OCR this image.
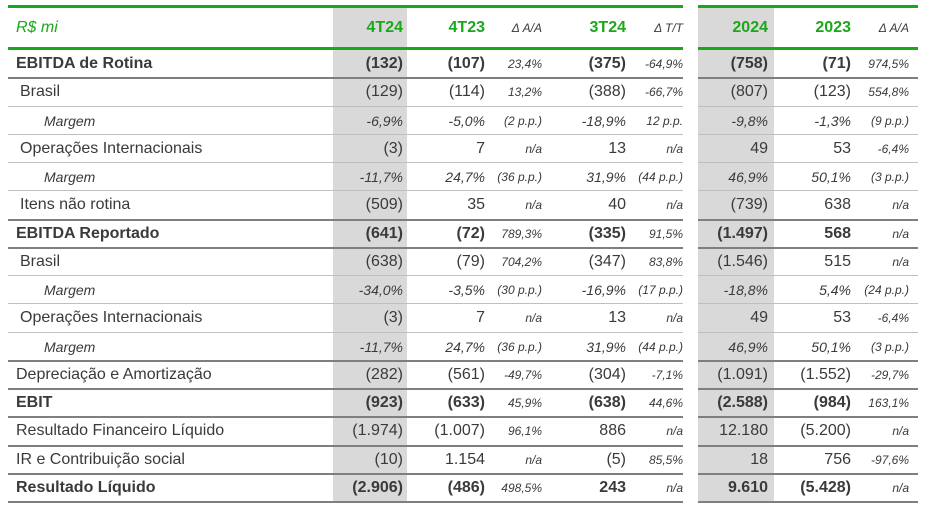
R$ mi	4T24	4T23	Δ A/A	3T24	Δ T/T	2024	2023	Δ A/A
EBITDA de Rotina	(132)	(107)	23,4%	(375)	-64,9%	(758)	(71)	974,5%
Brasil	(129)	(114)	13,2%	(388)	-66,7%	(807)	(123)	554,8%
Margem	-6,9%	-5,0%	(2 p.p.)	-18,9%	12 p.p.	-9,8%	-1,3%	(9 p.p.)
Operações Internacionais	(3)	7	n/a	13	n/a	49	53	-6,4%
Margem	-11,7%	24,7%	(36 p.p.)	31,9%	(44 p.p.)	46,9%	50,1%	(3 p.p.)
Itens não rotina	(509)	35	n/a	40	n/a	(739)	638	n/a
EBITDA Reportado	(641)	(72)	789,3%	(335)	91,5%	(1.497)	568	n/a
Brasil	(638)	(79)	704,2%	(347)	83,8%	(1.546)	515	n/a
Margem	-34,0%	-3,5%	(30 p.p.)	-16,9%	(17 p.p.)	-18,8%	5,4%	(24 p.p.)
Operações Internacionais	(3)	7	n/a	13	n/a	49	53	-6,4%
Margem	-11,7%	24,7%	(36 p.p.)	31,9%	(44 p.p.)	46,9%	50,1%	(3 p.p.)
Depreciação e Amortização	(282)	(561)	-49,7%	(304)	-7,1%	(1.091)	(1.552)	-29,7%
EBIT	(923)	(633)	45,9%	(638)	44,6%	(2.588)	(984)	163,1%
Resultado Financeiro Líquido	(1.974)	(1.007)	96,1%	886	n/a	12.180	(5.200)	n/a
IR e Contribuição social	(10)	1.154	n/a	(5)	85,5%	18	756	-97,6%
Resultado Líquido	(2.906)	(486)	498,5%	243	n/a	9.610	(5.428)	n/a
